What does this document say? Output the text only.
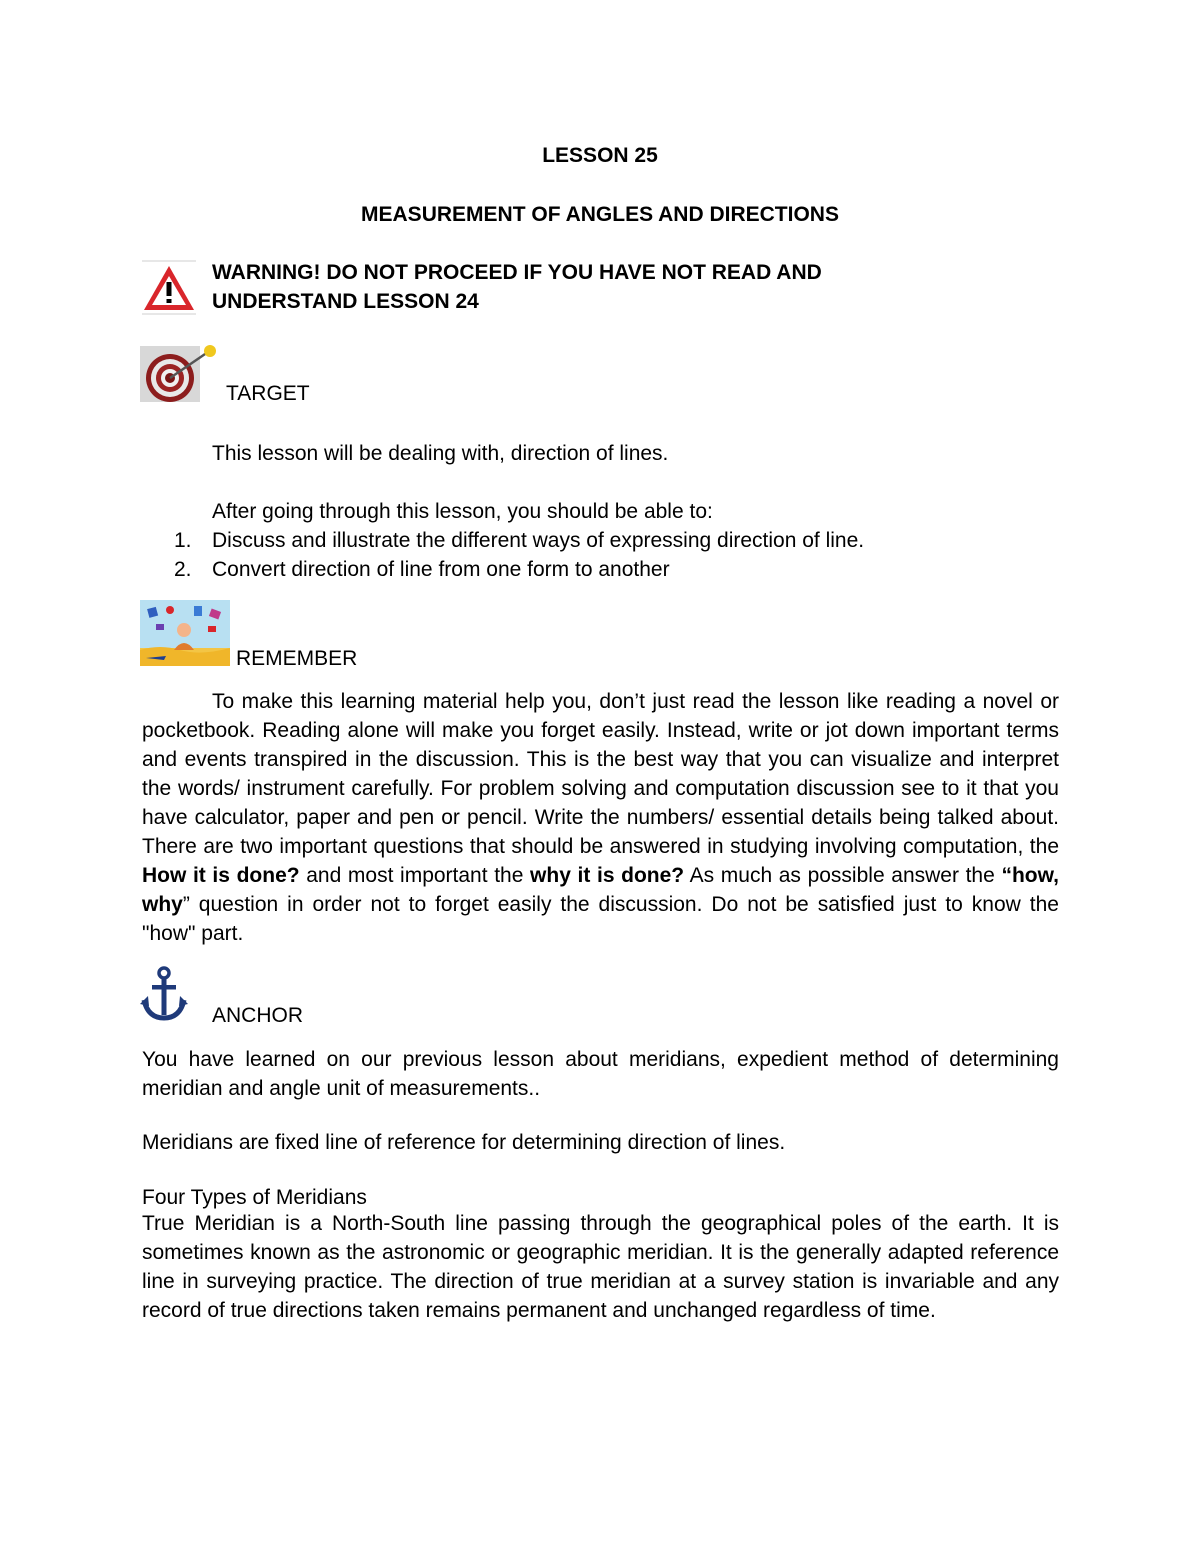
LESSON 25
MEASUREMENT OF ANGLES AND DIRECTIONS
WARNING! DO NOT PROCEED IF YOU HAVE NOT READ AND
UNDERSTAND LESSON 24
TARGET
This lesson will be dealing with, direction of lines.
After going through this lesson, you should be able to:
1. Discuss and illustrate the different ways of expressing direction of line.
2. Convert direction of line from one form to another
REMEMBER

To make this learning material help you, don’t just read the lesson like reading a novel or pocketbook. Reading alone will make you forget easily. Instead, write or jot down important terms and events transpired in the discussion. This is the best way that you can visualize and interpret the words/ instrument carefully. For problem solving and computation discussion see to it that you have calculator, paper and pen or pencil. Write the numbers/ essential details being talked about. There are two important questions that should be answered in studying involving computation, the How it is done? and most important the why it is done? As much as possible answer the “how, why” question in order not to forget easily the discussion. Do not be satisfied just to know the "how" part.

ANCHOR

You have learned on our previous lesson about meridians, expedient method of determining meridian and angle unit of measurements..

Meridians are fixed line of reference for determining direction of lines.
Four Types of Meridians

True Meridian is a North-South line passing through the geographical poles of the earth. It is sometimes known as the astronomic or geographic meridian. It is the generally adapted reference line in surveying practice. The direction of true meridian at a survey station is invariable and any record of true directions taken remains permanent and unchanged regardless of time.
